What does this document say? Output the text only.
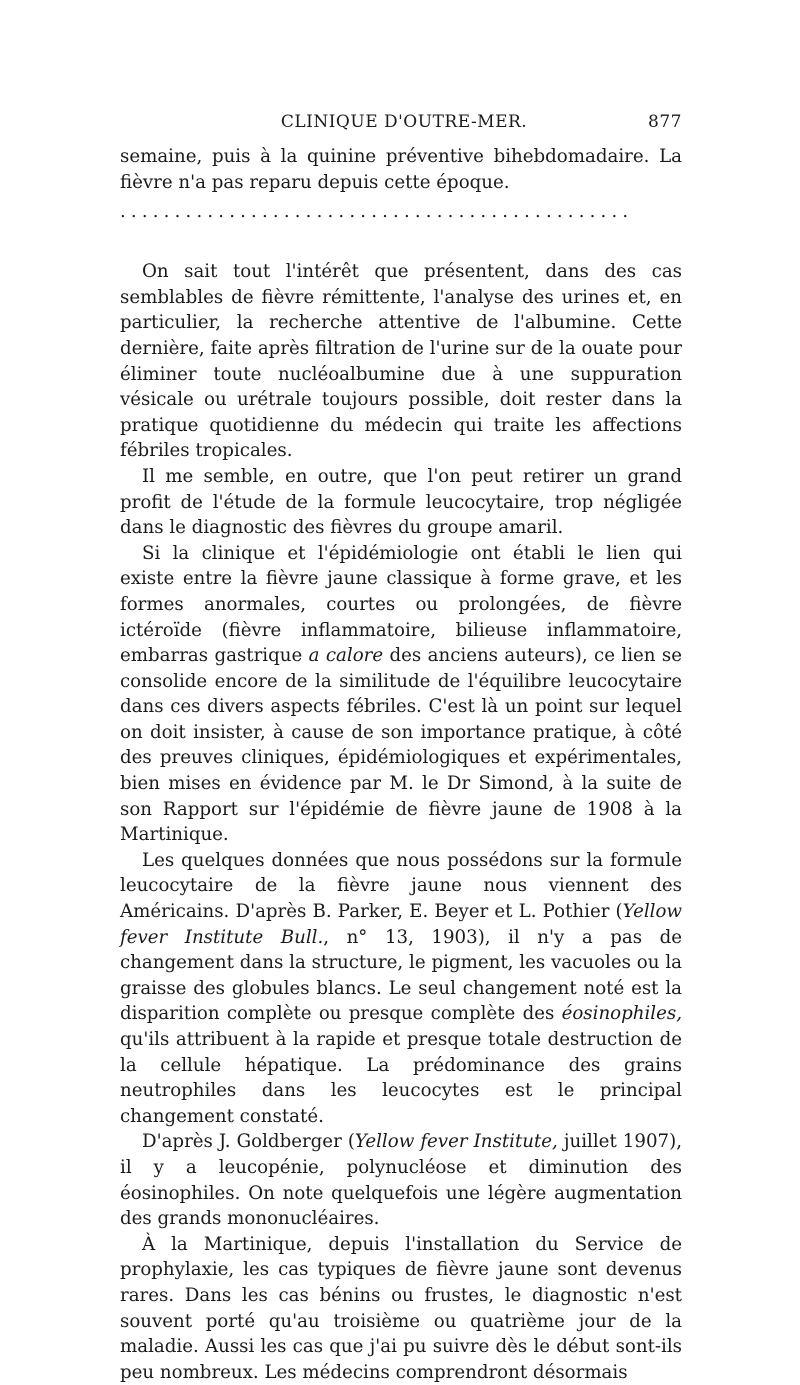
CLINIQUE D'OUTRE-MER.	877

semaine, puis à la quinine préventive bihebdomadaire. La fièvre n'a pas reparu depuis cette époque.

...............................................

On sait tout l'intérêt que présentent, dans des cas semblables de fièvre rémittente, l'analyse des urines et, en particulier, la recherche attentive de l'albumine. Cette dernière, faite après filtration de l'urine sur de la ouate pour éliminer toute nucléoalbumine due à une suppuration vésicale ou urétrale toujours possible, doit rester dans la pratique quotidienne du médecin qui traite les affections fébriles tropicales.

Il me semble, en outre, que l'on peut retirer un grand profit de l'étude de la formule leucocytaire, trop négligée dans le diagnostic des fièvres du groupe amaril.

Si la clinique et l'épidémiologie ont établi le lien qui existe entre la fièvre jaune classique à forme grave, et les formes anormales, courtes ou prolongées, de fièvre ictéroïde (fièvre inflammatoire, bilieuse inflammatoire, embarras gastrique a calore des anciens auteurs), ce lien se consolide encore de la similitude de l'équilibre leucocytaire dans ces divers aspects fébriles. C'est là un point sur lequel on doit insister, à cause de son importance pratique, à côté des preuves cliniques, épidémiologiques et expérimentales, bien mises en évidence par M. le Dr Simond, à la suite de son Rapport sur l'épidémie de fièvre jaune de 1908 à la Martinique.

Les quelques données que nous possédons sur la formule leucocytaire de la fièvre jaune nous viennent des Américains. D'après B. Parker, E. Beyer et L. Pothier (Yellow fever Institute Bull., n° 13, 1903), il n'y a pas de changement dans la structure, le pigment, les vacuoles ou la graisse des globules blancs. Le seul changement noté est la disparition complète ou presque complète des éosinophiles, qu'ils attribuent à la rapide et presque totale destruction de la cellule hépatique. La prédominance des grains neutrophiles dans les leucocytes est le principal changement constaté.

D'après J. Goldberger (Yellow fever Institute, juillet 1907), il y a leucopénie, polynucléose et diminution des éosinophiles. On note quelquefois une légère augmentation des grands mononucléaires.

À la Martinique, depuis l'installation du Service de prophylaxie, les cas typiques de fièvre jaune sont devenus rares. Dans les cas bénins ou frustes, le diagnostic n'est souvent porté qu'au troisième ou quatrième jour de la maladie. Aussi les cas que j'ai pu suivre dès le début sont-ils peu nombreux. Les médecins comprendront désormais
